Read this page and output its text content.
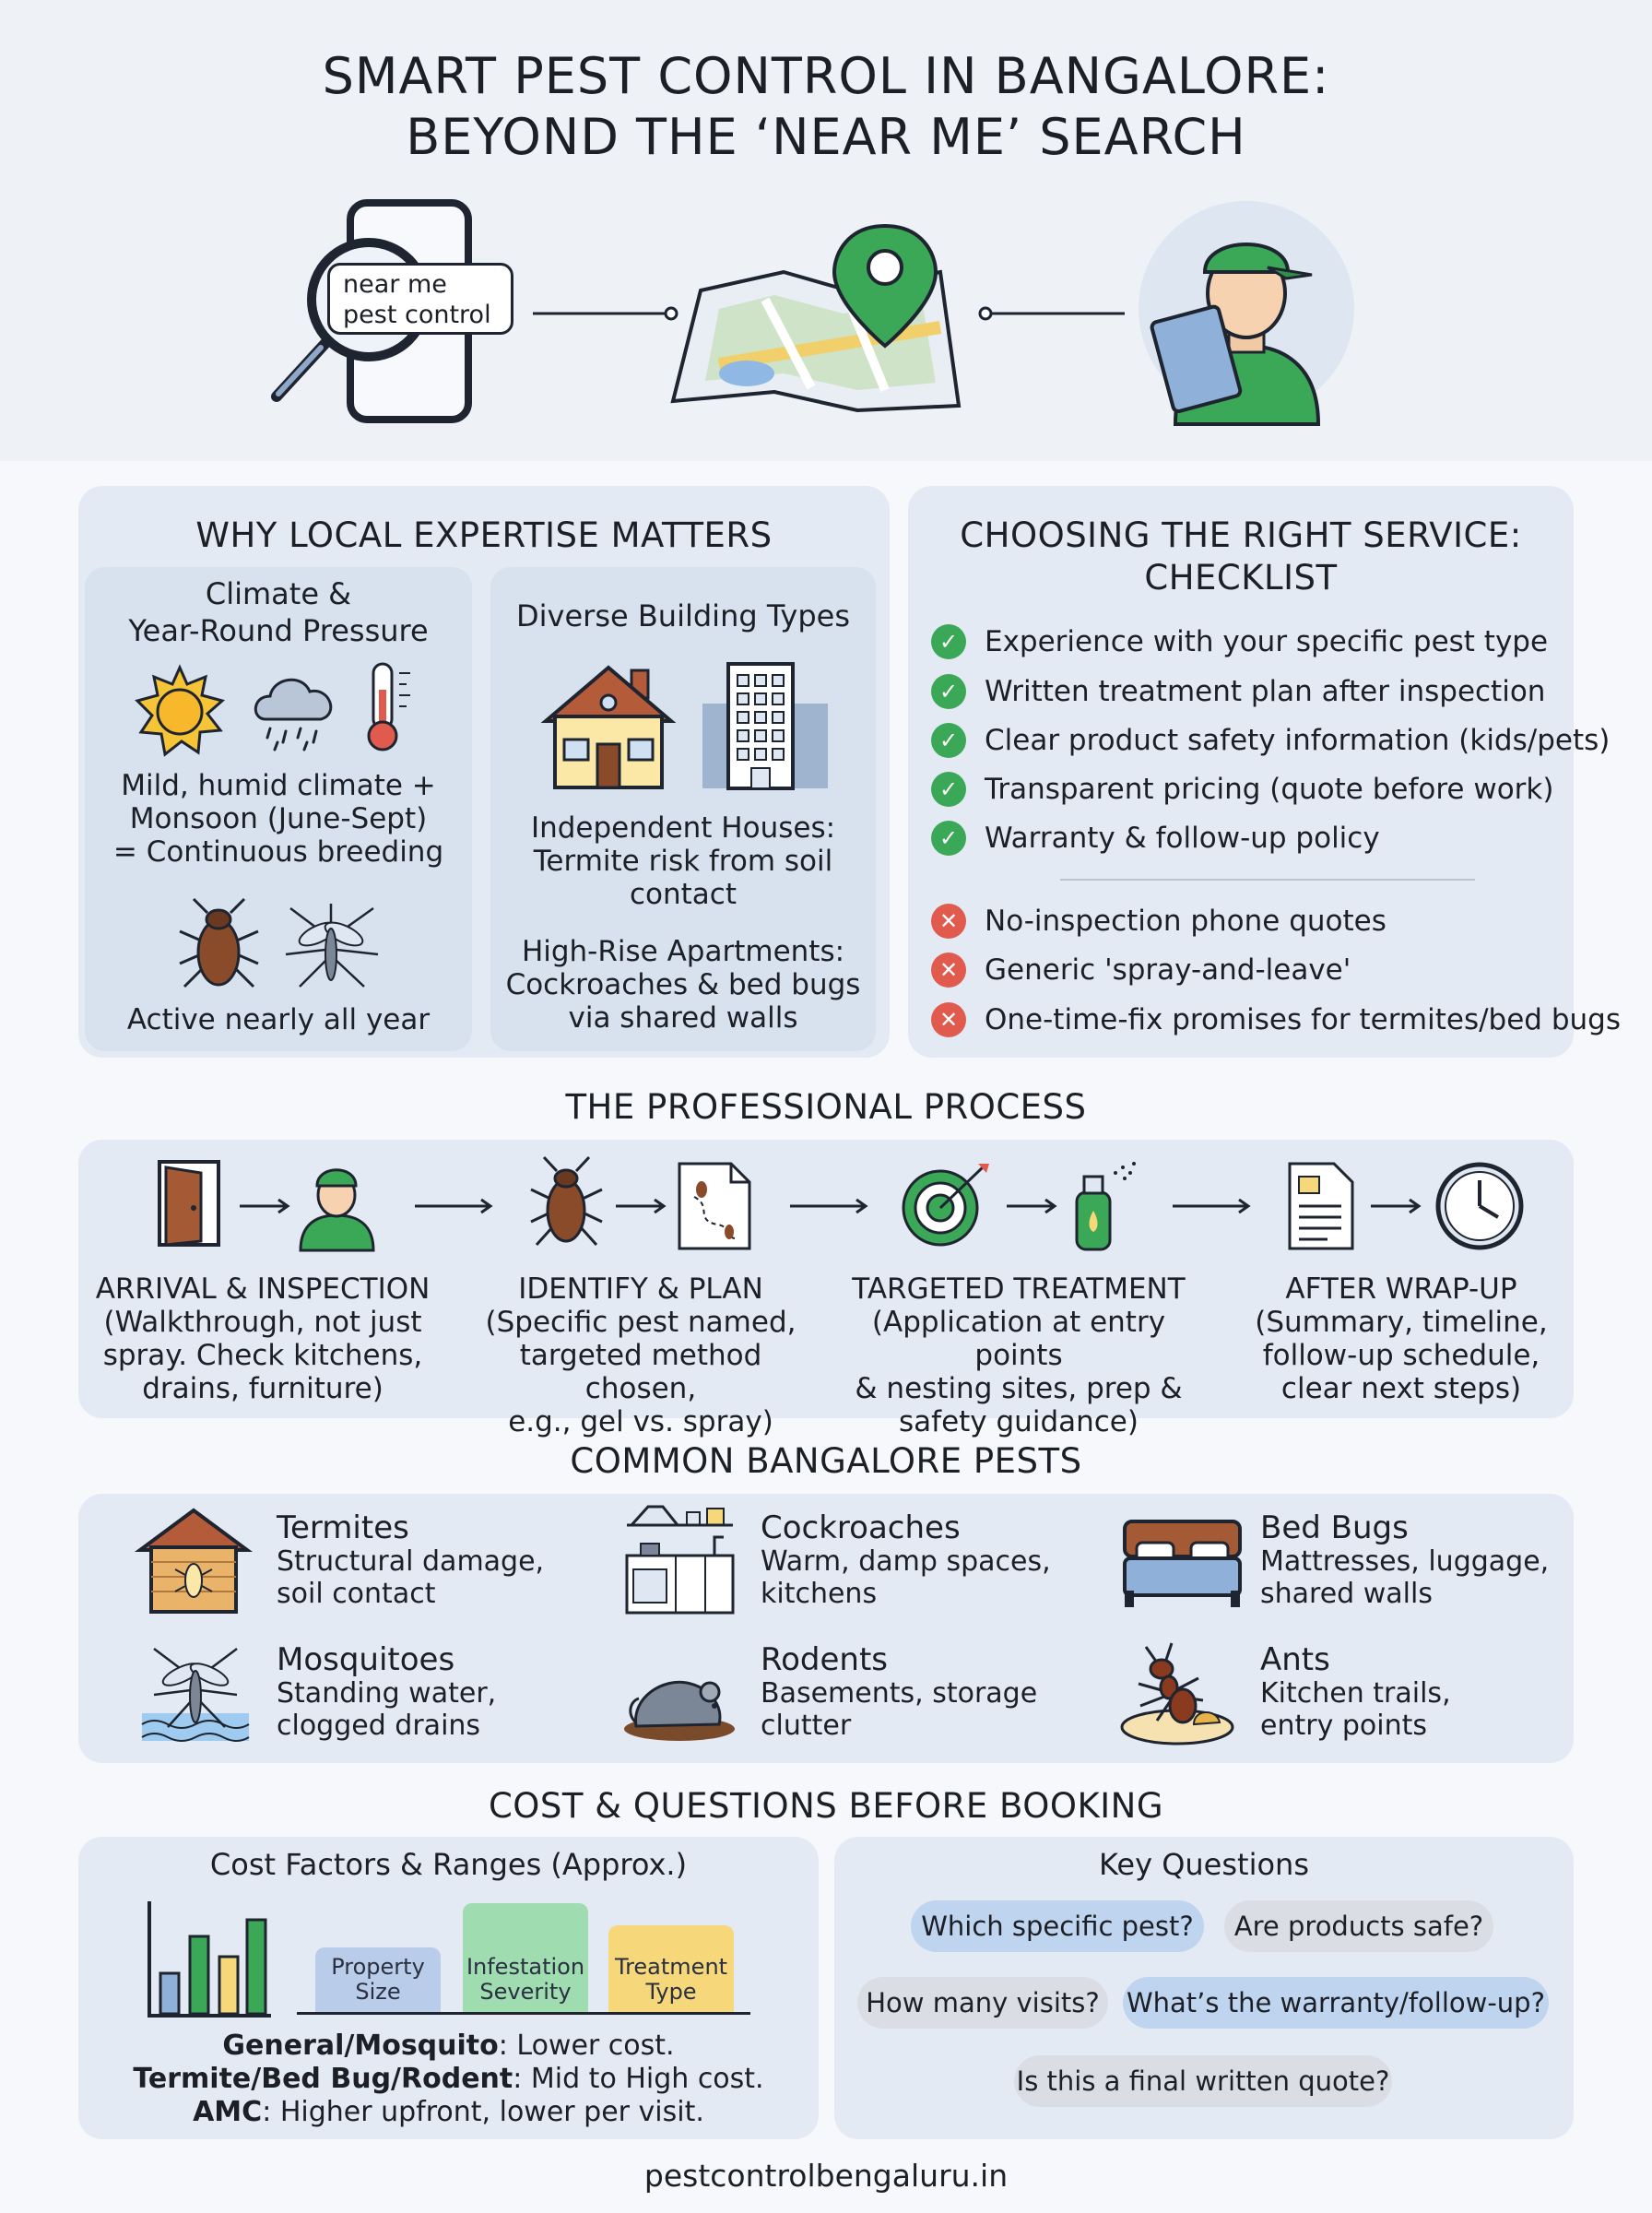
SMART PEST CONTROL IN BANGALORE:
BEYOND THE ‘NEAR ME’ SEARCH
near me
pest control
WHY LOCAL EXPERTISE MATTERS
Climate &
Year-Round Pressure
Mild, humid climate +
Monsoon (June-Sept)
= Continuous breeding
Active nearly all year
Diverse Building Types
Independent Houses:
Termite risk from soil
contact
High-Rise Apartments:
Cockroaches & bed bugs
via shared walls
CHOOSING THE RIGHT SERVICE:
CHECKLIST
✓ Experience with your specific pest type
✓ Written treatment plan after inspection
✓ Clear product safety information (kids/pets)
✓ Transparent pricing (quote before work)
✓ Warranty & follow-up policy
✕ No-inspection phone quotes
✕ Generic 'spray-and-leave'
✕ One-time-fix promises for termites/bed bugs
THE PROFESSIONAL PROCESS
ARRIVAL & INSPECTION
(Walkthrough, not just
spray. Check kitchens,
drains, furniture)
IDENTIFY & PLAN
(Specific pest named,
targeted method chosen,
e.g., gel vs. spray)
TARGETED TREATMENT
(Application at entry points
& nesting sites, prep &
safety guidance)
AFTER WRAP-UP
(Summary, timeline,
follow-up schedule,
clear next steps)
COMMON BANGALORE PESTS
Termites
Structural damage,
soil contact
Cockroaches
Warm, damp spaces,
kitchens
Bed Bugs
Mattresses, luggage,
shared walls
Mosquitoes
Standing water,
clogged drains
Rodents
Basements, storage
clutter
Ants
Kitchen trails,
entry points
COST & QUESTIONS BEFORE BOOKING
Cost Factors & Ranges (Approx.)
Property
Size
Infestation
Severity
Treatment
Type
General/Mosquito: Lower cost.
Termite/Bed Bug/Rodent: Mid to High cost.
AMC: Higher upfront, lower per visit.
Key Questions
Which specific pest?	Are products safe?
How many visits?	What’s the warranty/follow-up?
Is this a final written quote?
pestcontrolbengaluru.in
